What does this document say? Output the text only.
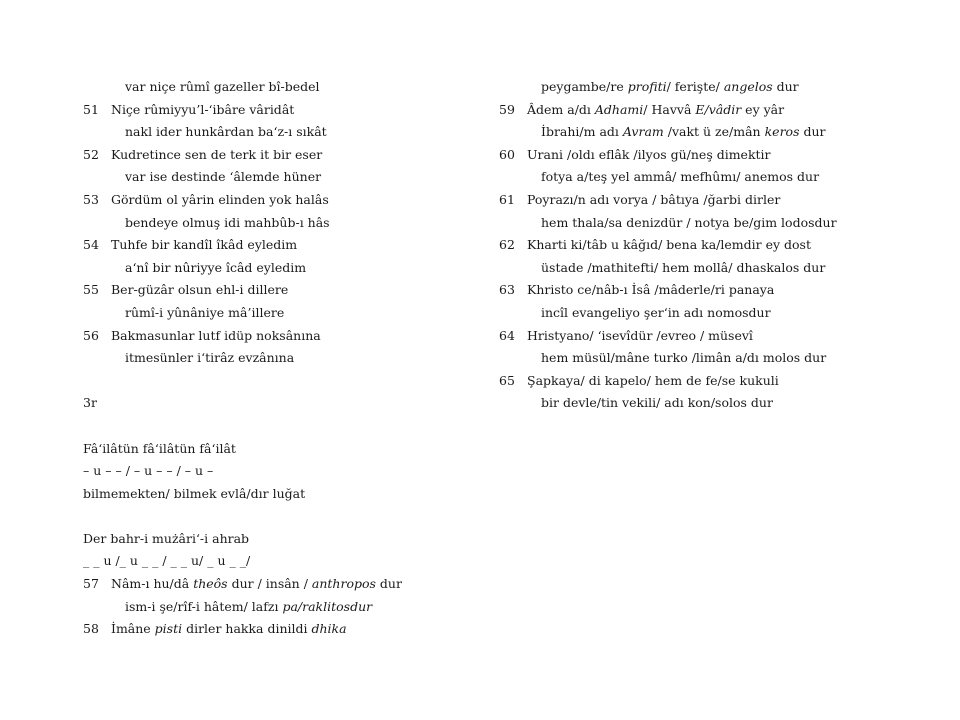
var niçe rûmî gazeller bî-bedel
51 Niçe rûmiyyu’l-‘ibâre vâridât
nakl ider hunkârdan ba‘z-ı sıkât
52 Kudretince sen de terk it bir eser
var ise destinde ‘âlemde hüner
53 Gördüm ol yârin elinden yok halâs
bendeye olmuş idi mahbûb-ı hâs
54 Tuhfe bir kandîl îkâd eyledim
a‘nî bir nûriyye îcâd eyledim
55 Ber-güzâr olsun ehl-i dillere
rûmî-i yûnâniye mâ’illere
56 Bakmasunlar lutf idüp noksânına
itmesünler i‘tirâz evzânına
3r
Fâ‘ilâtün fâ‘ilâtün fâ‘ilât
– u – – / – u – – / – u –
bilmemekten/ bilmek evlâ/dır luğat
Der bahr-i mużâri‘-i ahrab
_ _ u /_ u _ _ / _ _ u/ _ u _ _/
57 Nâm-ı hu/dâ theôs dur / insân / anthropos dur
ism-i şe/rîf-i hâtem/ lafzı pa/raklitosdur
58 İmâne pisti dirler hakka dinildi dhika
peygambe/re profiti/ ferişte/ angelos dur
59 Âdem a/dı Adhami/ Havvâ E/vâdir ey yâr
İbrahi/m adı Avram /vakt ü ze/mân keros dur
60 Urani /oldı eflâk /ilyos gü/neş dimektir
fotya a/teş yel ammâ/ mefhûmı/ anemos dur
61 Poyrazı/n adı vorya / bâtıya /ğarbi dirler
hem thala/sa denizdür / notya be/gim lodosdur
62 Kharti ki/tâb u kâğıd/ bena ka/lemdir ey dost
üstade /mathitefti/ hem mollâ/ dhaskalos dur
63 Khristo ce/nâb-ı İsâ /mâderle/ri panaya
incîl evangeliyo şer‘in adı nomosdur
64 Hristyano/ ‘isevîdür /evreo / müsevî
hem müsül/mâne turko /limân a/dı molos dur
65 Şapkaya/ di kapelo/ hem de fe/se kukuli
bir devle/tin vekili/ adı kon/solos dur
